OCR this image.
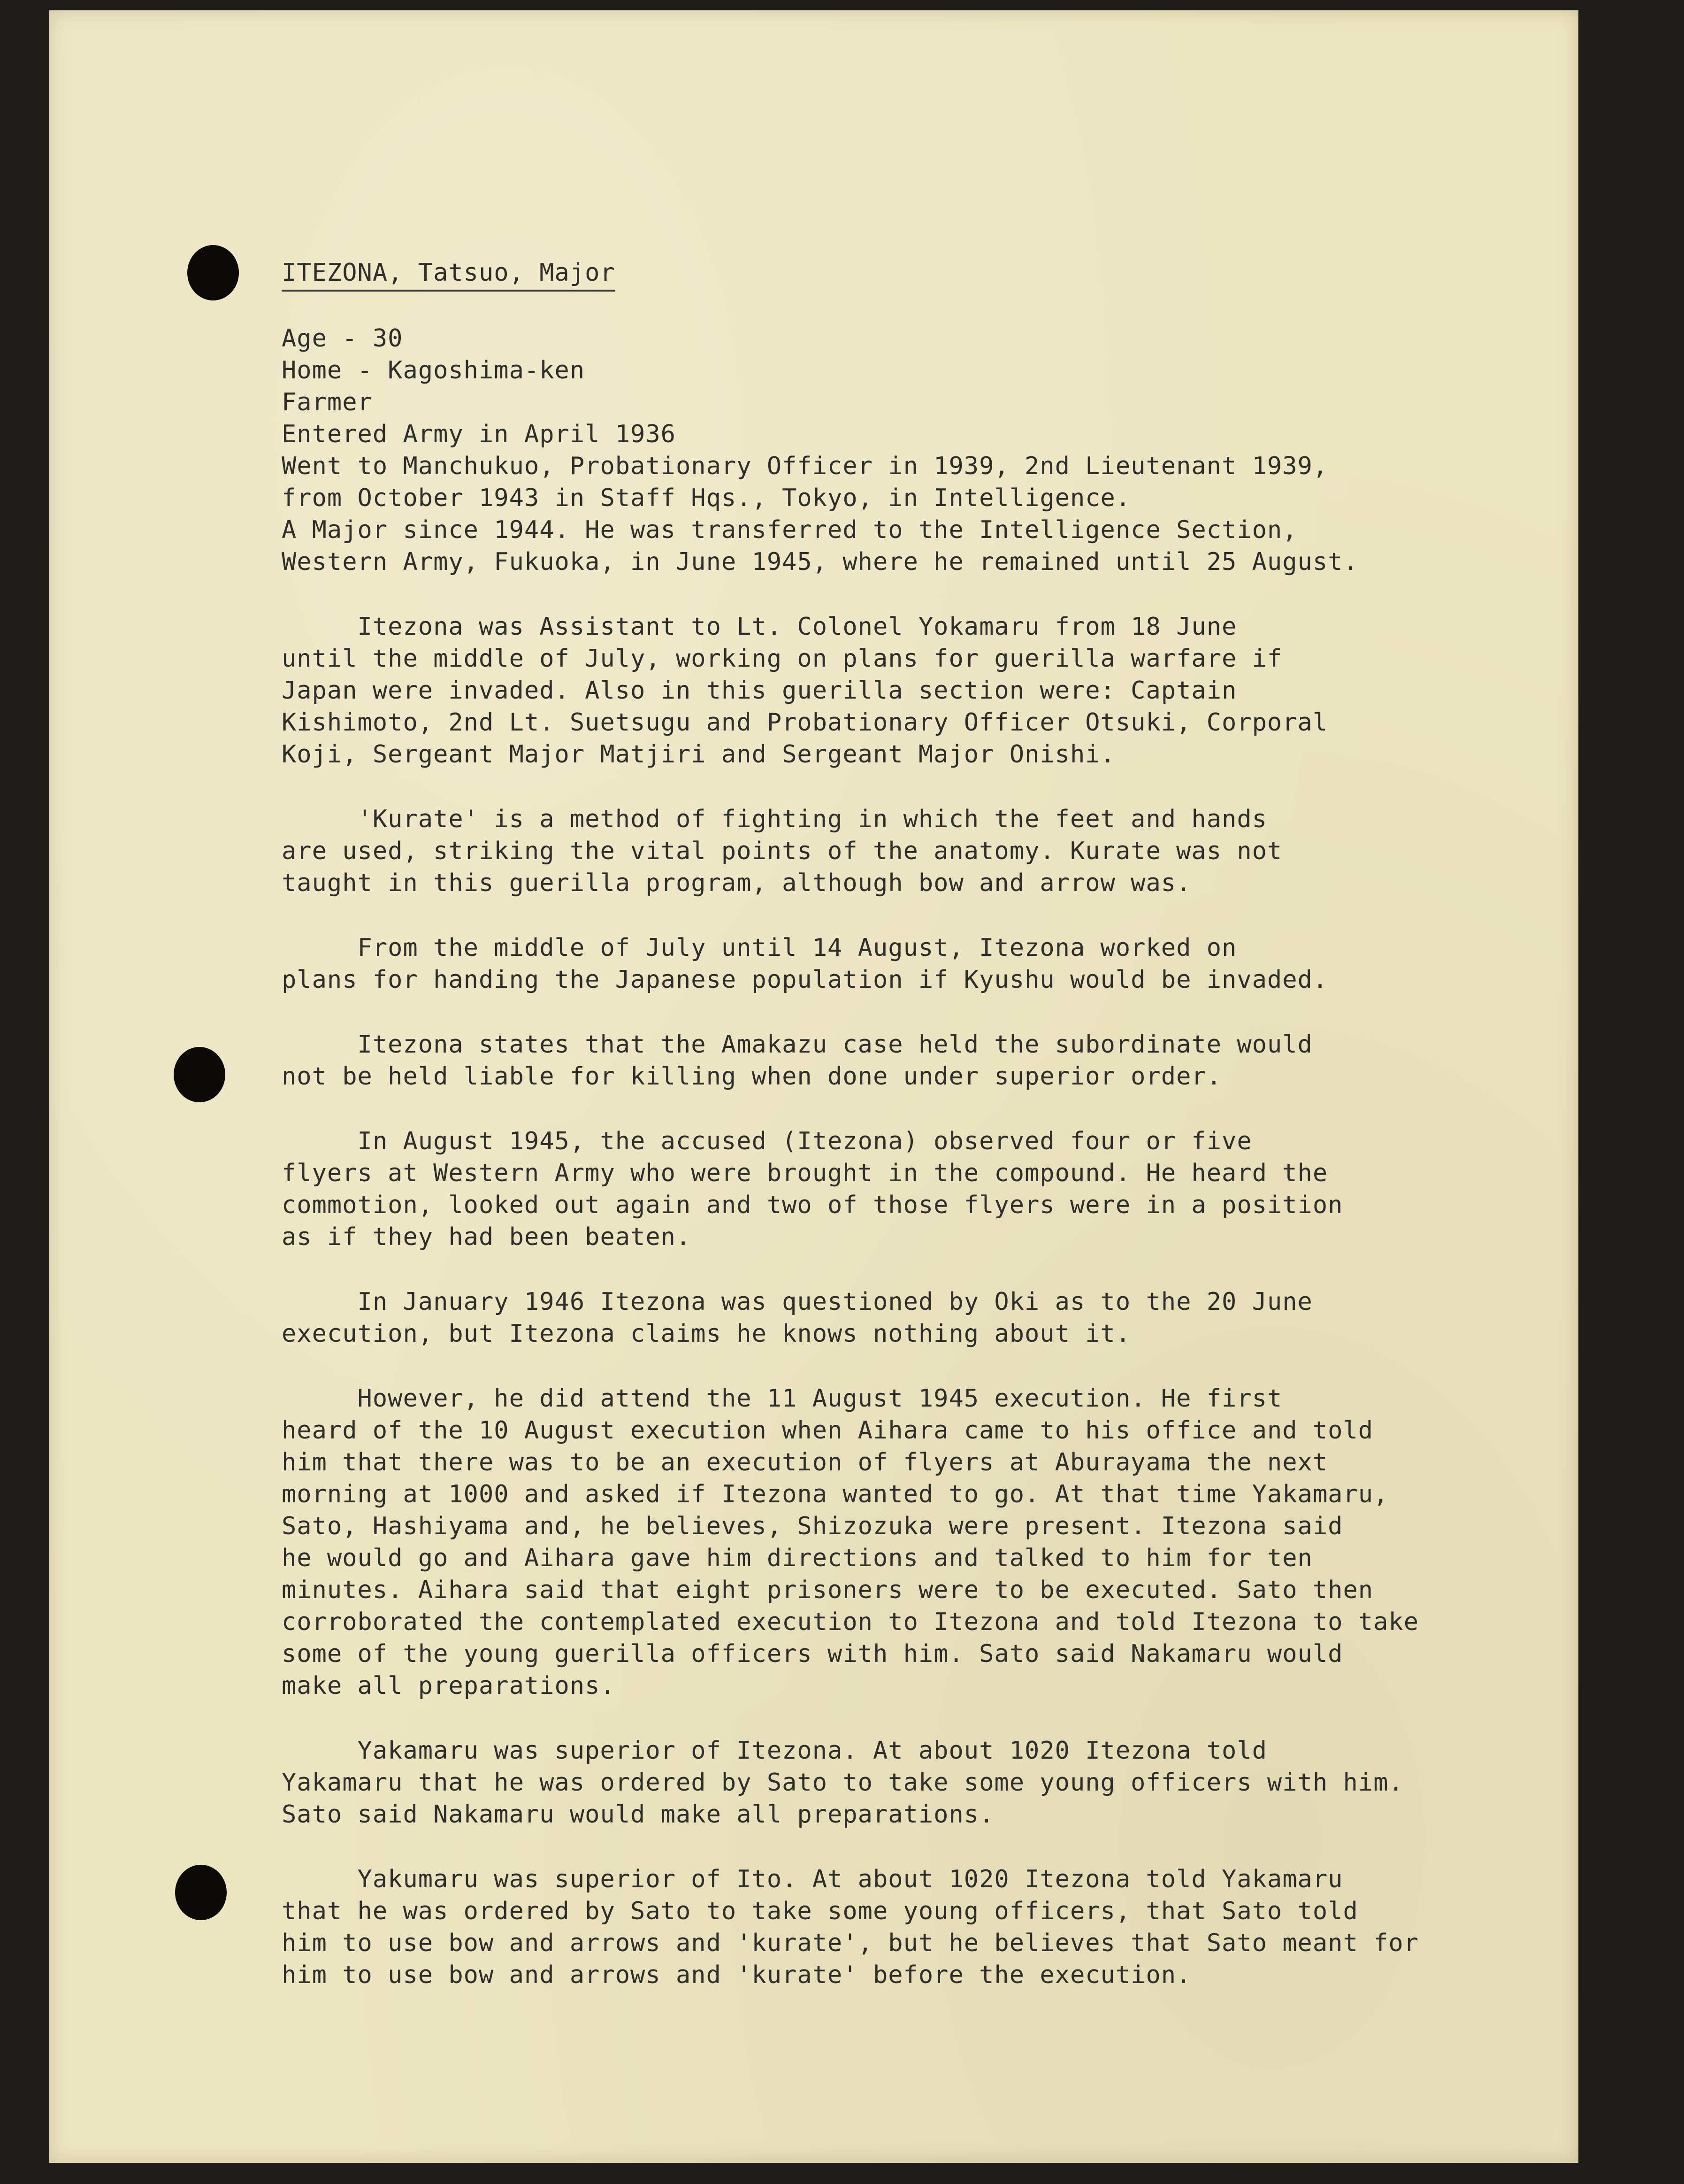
ITEZONA, Tatsuo, Major
Age - 30
Home - Kagoshima-ken
Farmer
Entered Army in April 1936
Went to Manchukuo, Probationary Officer in 1939, 2nd Lieutenant 1939,
from October 1943 in Staff Hqs., Tokyo, in Intelligence.
A Major since 1944. He was transferred to the Intelligence Section,
Western Army, Fukuoka, in June 1945, where he remained until 25 August.
Itezona was Assistant to Lt. Colonel Yokamaru from 18 June
until the middle of July, working on plans for guerilla warfare if
Japan were invaded. Also in this guerilla section were: Captain
Kishimoto, 2nd Lt. Suetsugu and Probationary Officer Otsuki, Corporal
Koji, Sergeant Major Matjiri and Sergeant Major Onishi.
'Kurate' is a method of fighting in which the feet and hands
are used, striking the vital points of the anatomy. Kurate was not
taught in this guerilla program, although bow and arrow was.
From the middle of July until 14 August, Itezona worked on
plans for handing the Japanese population if Kyushu would be invaded.
Itezona states that the Amakazu case held the subordinate would
not be held liable for killing when done under superior order.
In August 1945, the accused (Itezona) observed four or five
flyers at Western Army who were brought in the compound. He heard the
commotion, looked out again and two of those flyers were in a position
as if they had been beaten.
In January 1946 Itezona was questioned by Oki as to the 20 June
execution, but Itezona claims he knows nothing about it.
However, he did attend the 11 August 1945 execution. He first
heard of the 10 August execution when Aihara came to his office and told
him that there was to be an execution of flyers at Aburayama the next
morning at 1000 and asked if Itezona wanted to go. At that time Yakamaru,
Sato, Hashiyama and, he believes, Shizozuka were present. Itezona said
he would go and Aihara gave him directions and talked to him for ten
minutes. Aihara said that eight prisoners were to be executed. Sato then
corroborated the contemplated execution to Itezona and told Itezona to take
some of the young guerilla officers with him. Sato said Nakamaru would
make all preparations.
Yakamaru was superior of Itezona. At about 1020 Itezona told
Yakamaru that he was ordered by Sato to take some young officers with him.
Sato said Nakamaru would make all preparations.
Yakumaru was superior of Ito. At about 1020 Itezona told Yakamaru
that he was ordered by Sato to take some young officers, that Sato told
him to use bow and arrows and 'kurate', but he believes that Sato meant for
him to use bow and arrows and 'kurate' before the execution.
